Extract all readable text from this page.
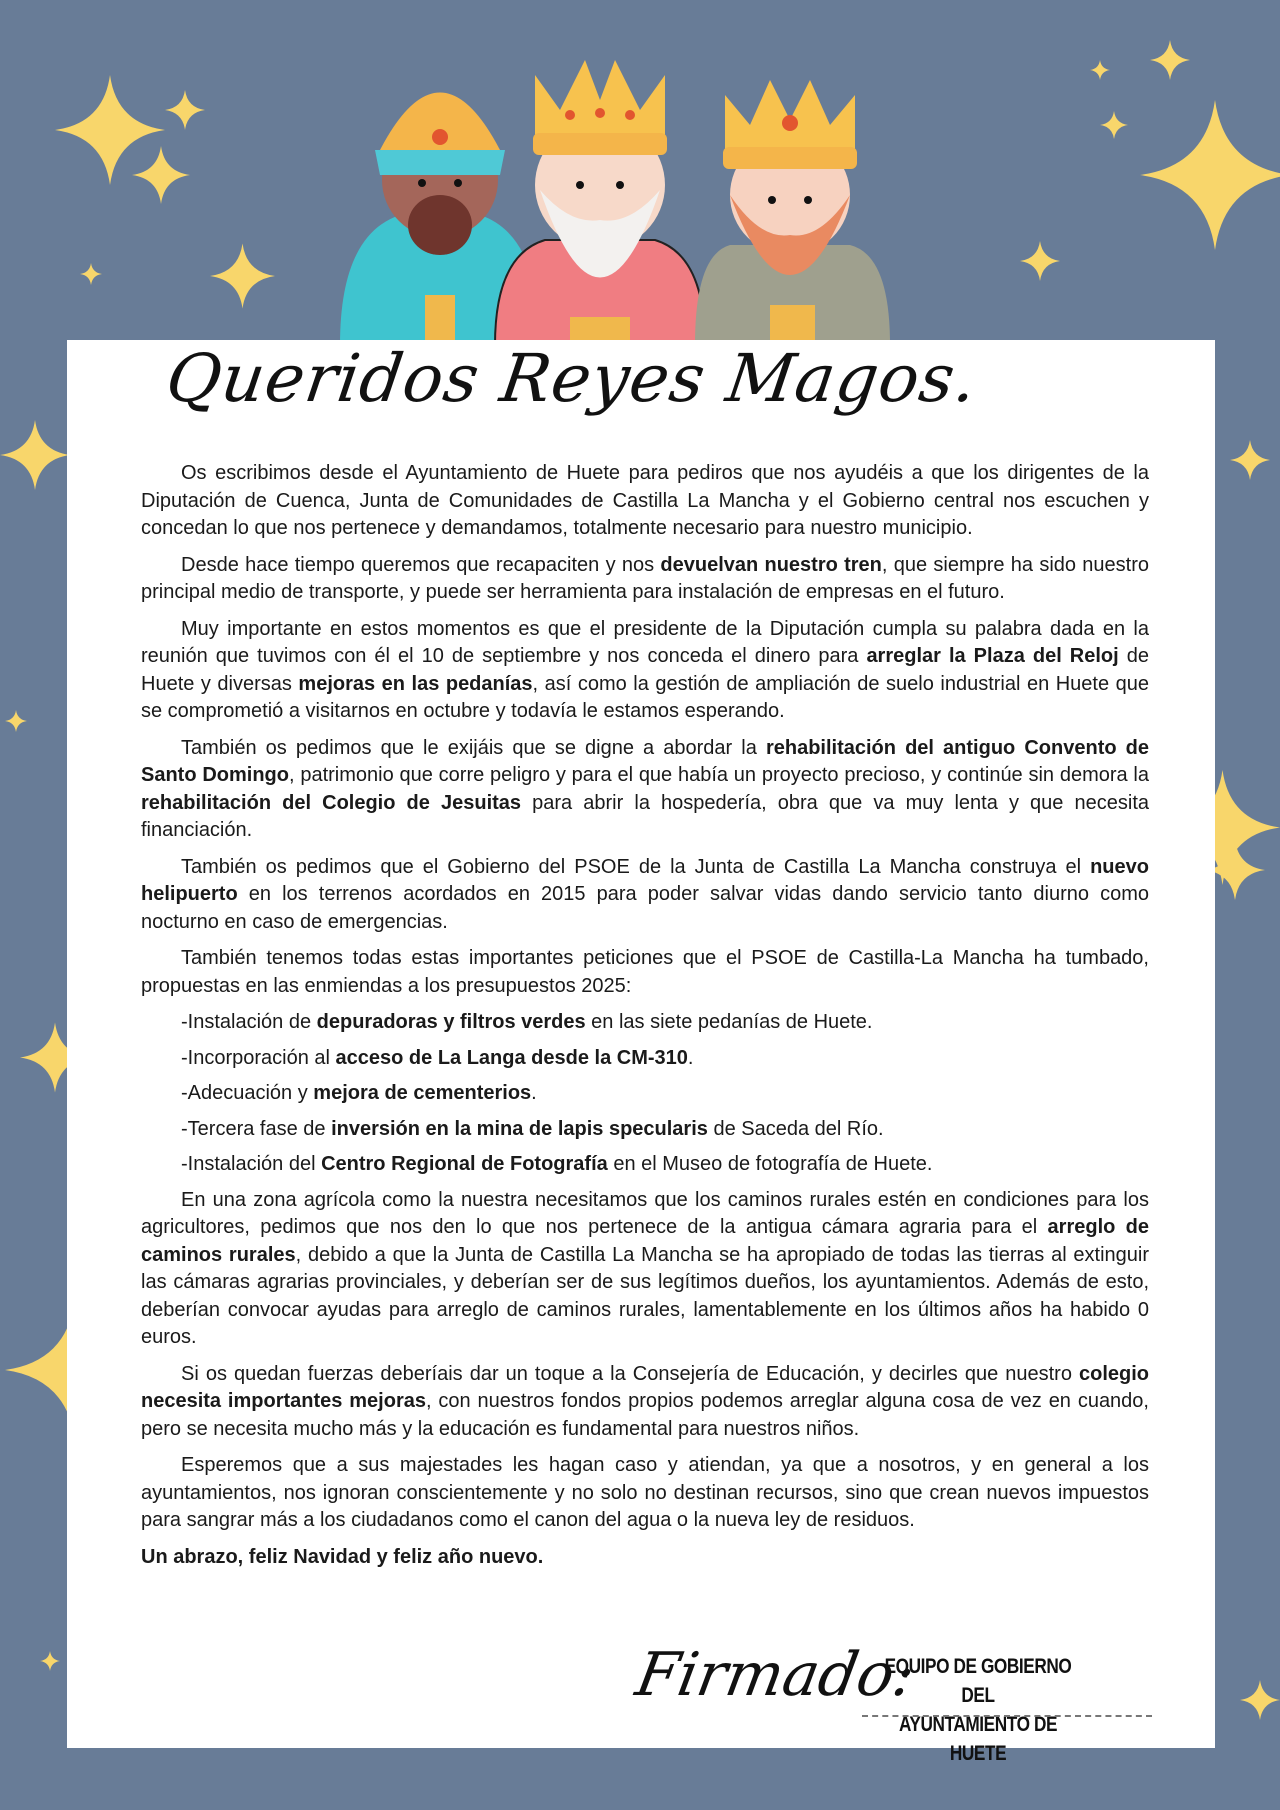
Queridos Reyes Magos.

Os escribimos desde el Ayuntamiento de Huete para pediros que nos ayudéis a que los dirigentes de la Diputación de Cuenca, Junta de Comunidades de Castilla La Mancha y el Gobierno central nos escuchen y concedan lo que nos pertenece y demandamos, totalmente necesario para nuestro municipio.

Desde hace tiempo queremos que recapaciten y nos devuelvan nuestro tren, que siempre ha sido nuestro principal medio de transporte, y puede ser herramienta para instalación de empresas en el futuro.

Muy importante en estos momentos es que el presidente de la Diputación cumpla su palabra dada en la reunión que tuvimos con él el 10 de septiembre y nos conceda el dinero para arreglar la Plaza del Reloj de Huete y diversas mejoras en las pedanías, así como la gestión de ampliación de suelo industrial en Huete que se comprometió a visitarnos en octubre y todavía le estamos esperando.

También os pedimos que le exijáis que se digne a abordar la rehabilitación del antiguo Convento de Santo Domingo, patrimonio que corre peligro y para el que había un proyecto precioso, y continúe sin demora la rehabilitación del Colegio de Jesuitas para abrir la hospedería, obra que va muy lenta y que necesita financiación.

También os pedimos que el Gobierno del PSOE de la Junta de Castilla La Mancha construya el nuevo helipuerto en los terrenos acordados en 2015 para poder salvar vidas dando servicio tanto diurno como nocturno en caso de emergencias.

También tenemos todas estas importantes peticiones que el PSOE de Castilla-La Mancha ha tumbado, propuestas en las enmiendas a los presupuestos 2025:

-Instalación de depuradoras y filtros verdes en las siete pedanías de Huete.

-Incorporación al acceso de La Langa desde la CM-310.

-Adecuación y mejora de cementerios.

-Tercera fase de inversión en la mina de lapis specularis de Saceda del Río.

-Instalación del Centro Regional de Fotografía en el Museo de fotografía de Huete.

En una zona agrícola como la nuestra necesitamos que los caminos rurales estén en condiciones para los agricultores, pedimos que nos den lo que nos pertenece de la antigua cámara agraria para el arreglo de caminos rurales, debido a que la Junta de Castilla La Mancha se ha apropiado de todas las tierras al extinguir las cámaras agrarias provinciales, y deberían ser de sus legítimos dueños, los ayuntamientos. Además de esto, deberían convocar ayudas para arreglo de caminos rurales, lamentablemente en los últimos años ha habido 0 euros.

Si os quedan fuerzas deberíais dar un toque a la Consejería de Educación, y decirles que nuestro colegio necesita importantes mejoras, con nuestros fondos propios podemos arreglar alguna cosa de vez en cuando, pero se necesita mucho más y la educación es fundamental para nuestros niños.

Esperemos que a sus majestades les hagan caso y atiendan, ya que a nosotros, y en general a los ayuntamientos, nos ignoran conscientemente y no solo no destinan recursos, sino que crean nuevos impuestos para sangrar más a los ciudadanos como el canon del agua o la nueva ley de residuos.

Un abrazo, feliz Navidad y feliz año nuevo.

Firmado:
EQUIPO DE GOBIERNO DEL
AYUNTAMIENTO DE HUETE
